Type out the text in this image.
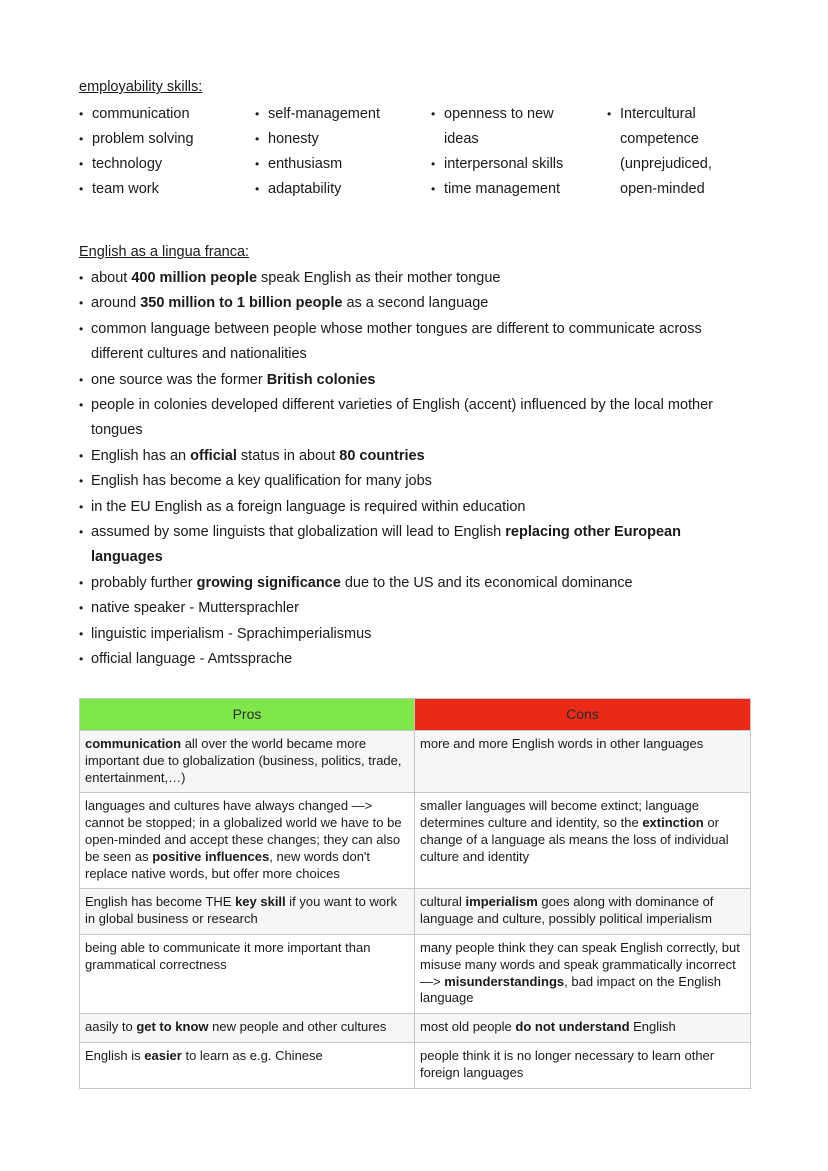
employability skills:
• communication
• problem solving
• technology
• team work
• self-management
• honesty
• enthusiasm
• adaptability
• openness to new
ideas
• interpersonal skills
• time management
• Intercultural
competence
(unprejudiced,
open-minded
English as a lingua franca:
• about 400 million people speak English as their mother tongue
• around 350 million to 1 billion people as a second language
• common language between people whose mother tongues are different to communicate across different cultures and nationalities
• one source was the former British colonies
• people in colonies developed different varieties of English (accent) influenced by the local mother tongues
• English has an official status in about 80 countries
• English has become a key qualification for many jobs
• in the EU English as a foreign language is required within education
• assumed by some linguists that globalization will lead to English replacing other European languages
• probably further growing significance due to the US and its economical dominance
• native speaker - Muttersprachler
• linguistic imperialism - Sprachimperialismus
• official language - Amtssprache
Pros	Cons
communication all over the world became more important due to globalization (business, politics, trade, entertainment,…)	more and more English words in other languages
languages and cultures have always changed —> cannot be stopped; in a globalized world we have to be open-minded and accept these changes; they can also be seen as positive influences, new words don't replace native words, but offer more choices	smaller languages will become extinct; language determines culture and identity, so the extinction or change of a language als means the loss of individual culture and identity
English has become THE key skill if you want to work in global business or research	cultural imperialism goes along with dominance of language and culture, possibly political imperialism
being able to communicate it more important than grammatical correctness	many people think they can speak English correctly, but misuse many words and speak grammatically incorrect —> misunderstandings, bad impact on the English language
aasily to get to know new people and other cultures	most old people do not understand English
English is easier to learn as e.g. Chinese	people think it is no longer necessary to learn other foreign languages
